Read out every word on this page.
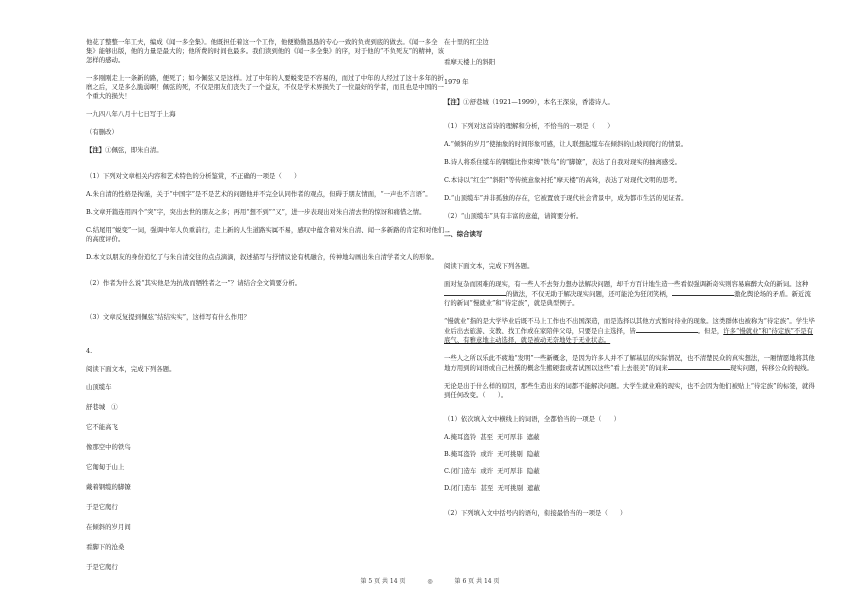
他花了整整一年工夫，编成《闻一多全集》。他既担任着这一个工作，他便勤勤恳恳的专心一致的负责到底的做去。《闻一多全集》能够出版，他的力量是最大的；他所费的时间也最多。我们读到他的《闻一多全集》的序，对于他的“不负死友”的精神，该怎样的感动。

一多刚刚走上一条新的路，便死了；如今佩弦又是这样。过了中年的人要蜕变是不容易的，而过了中年的人经过了这十多年的折磨之后，又是多么脆弱啊！佩弦的死，不仅是朋友们丧失了一个益友，不仅是学术界损失了一位最好的学者，而且也是中国的一个重大的损失！

一九四八年八月十七日写于上海

（有删改）

【注】①佩弦，即朱自清。

（1）下列对文章相关内容和艺术特色的分析鉴赏，不正确的一项是（      ）

A.朱自清的性格是拘谨，关于“中国字”是不是艺术的问题他并不完全认同作者的观点，但碍于朋友情面，“一声也不言语”。

B.文章开篇连用四个“突”字，突出去世的朋友之多；再用“想不到”“又”，进一步表现出对朱自清去世的惊讶和痛惜之情。

C.结尾用“蜕变”一词，强调中年人负重前行，走上新的人生道路实属不易，感叹中蕴含着对朱自清、闻一多新路的肯定和对他们的高度评价。

D.本文以朋友的身份追忆了与朱自清交往的点点滴滴，叙述描写与抒情议论有机融合，传神地勾画出朱自清学者文人的形象。

（2）作者为什么说“其实他是为抗战而牺牲者之一”？请结合全文简要分析。

（3）文章反复提到佩弦“结结实实”，这样写有什么作用？

4.

阅读下面文本，完成下列各题。

山顶缆车

舒巷城 ①

它不能高飞

像那空中的铁鸟

它匍匐于山上

戴着钢缆的脚镣

于是它爬行

在倾斜的岁月间

看脚下的沧桑

于是它爬行

在十里的红尘边

看摩天楼上的斜阳

1979 年

【注】①舒巷城（1921—1999），本名王深泉，香港诗人。

（1）下列对这首诗的理解和分析，不恰当的一项是（      ）

A.“倾斜的岁月”使抽象的时间形象可感，让人联想起缆车在倾斜的山坡间爬行的情景。

B.诗人将系住缆车的钢缆比作束缚“铁鸟”的“脚镣”，表达了自我对现实的抽离感受。

C.本诗以“红尘”“斜阳”等传统意象衬托“摩天楼”的高耸，表达了对现代文明的思考。

D.“山顶缆车”并非孤独的存在，它被置放于现代社会背景中，成为都市生活的见证者。

（2）“山顶缆车”具有丰富的意蕴，请简要分析。

二、综合读写

阅读下面文本，完成下列各题。

面对复杂而困难的现实，有一些人不去努力想办法解决问题，却千方百计地生造一些看似强调新奇实则容易麻醉大众的新词。这种的做法，不仅无助于解决现实问题，还可能沦为狂闭笑柄，	激化舆论场的矛盾。新近流行的新词“慢就业”和“待定族”，就是典型例子。

“慢就业”指的是大学毕业后既不马上工作也不出国深造，而是选择以其他方式暂时待业的现象。这类群体也被称为“待定族”。学生毕业后出去旅游、支教、找工作或在家陪伴父母，只要是自主选择，皆	。但是，许多“慢就业”和“待定族”不是有底气、有雅意地主动选择，就是被动无奈地处于无业状态。

一些人之所以乐此不疲地“发明”一些新概念，是因为许多人并不了解基层的实际情况，也不清楚民众的真实想法，一厢情愿地将其他地方用到的词语或自己杜撰的概念生搬硬套或者试图以这些“看上去很美”的词来	现实问题，转移公众的视线。

无论是出于什么样的原因，那些生造出来的词都不能解决问题。大学生就业难的现实，也不会因为他们被贴上“待定族”的标签，就得到任何改变。（      ）。

（1）依次填入文中横线上的词语，全都恰当的一项是（      ）

A.掩耳盗铃 甚至 无可厚非 遮蔽

B.掩耳盗铃 或许 无可挑剔 隐蔽

C.闭门造车 或许 无可厚非 隐蔽

D.闭门造车 甚至 无可挑剔 遮蔽

（2）下列填入文中括号内的语句，衔接最恰当的一项是（      ）

第 5 页 共 14 页	◎	第 6 页 共 14 页
